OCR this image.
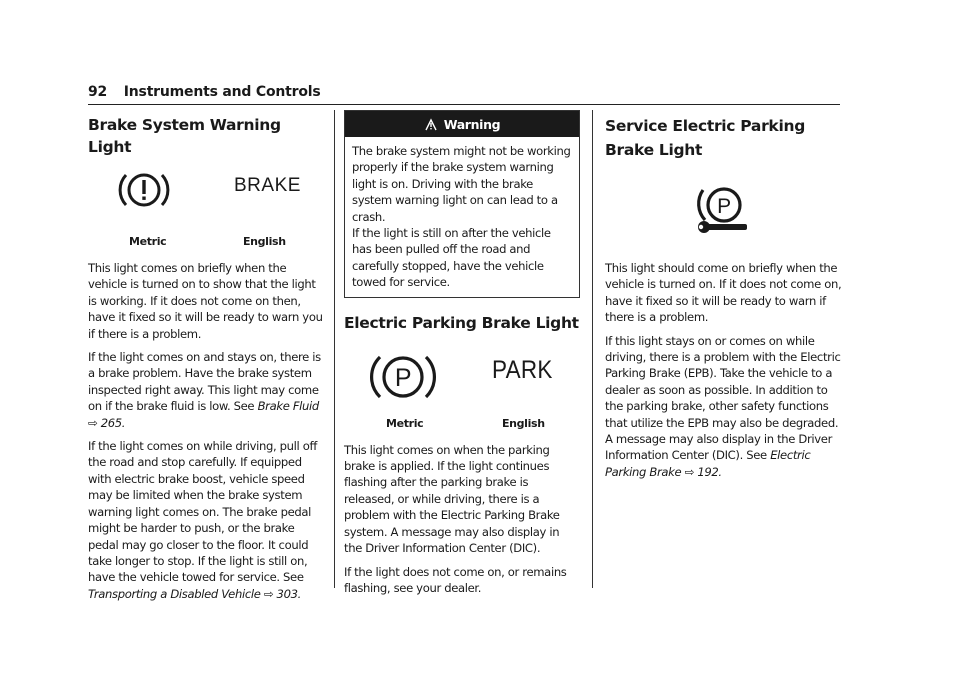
92 Instruments and Controls
Brake System Warning Light
BRAKE
Metric	English

This light comes on briefly when the vehicle is turned on to show that the light is working. If it does not come on then, have it fixed so it will be ready to warn you if there is a problem.

If the light comes on and stays on, there is a brake problem. Have the brake system inspected right away. This light may come on if the brake fluid is low. See Brake Fluid
⇨ 265.

If the light comes on while driving, pull off the road and stop carefully. If equipped with electric brake boost, vehicle speed may be limited when the brake system warning light comes on. The brake pedal might be harder to push, or the brake pedal may go closer to the floor. It could take longer to stop. If the light is still on, have the vehicle towed for service. See Transporting a Disabled Vehicle ⇨ 303.

Warning
The brake system might not be working properly if the brake system warning light is on. Driving with the brake system warning light on can lead to a crash.
If the light is still on after the vehicle has been pulled off the road and carefully stopped, have the vehicle towed for service.
Electric Parking Brake Light
P	PARK
Metric	English

This light comes on when the parking brake is applied. If the light continues flashing after the parking brake is released, or while driving, there is a problem with the Electric Parking Brake system. A message may also display in the Driver Information Center (DIC).

If the light does not come on, or remains flashing, see your dealer.

Service Electric Parking Brake Light
P

This light should come on briefly when the vehicle is turned on. If it does not come on, have it fixed so it will be ready to warn if there is a problem.

If this light stays on or comes on while driving, there is a problem with the Electric Parking Brake (EPB). Take the vehicle to a dealer as soon as possible. In addition to the parking brake, other safety functions that utilize the EPB may also be degraded.

A message may also display in the Driver Information Center (DIC). See Electric Parking Brake ⇨ 192.
